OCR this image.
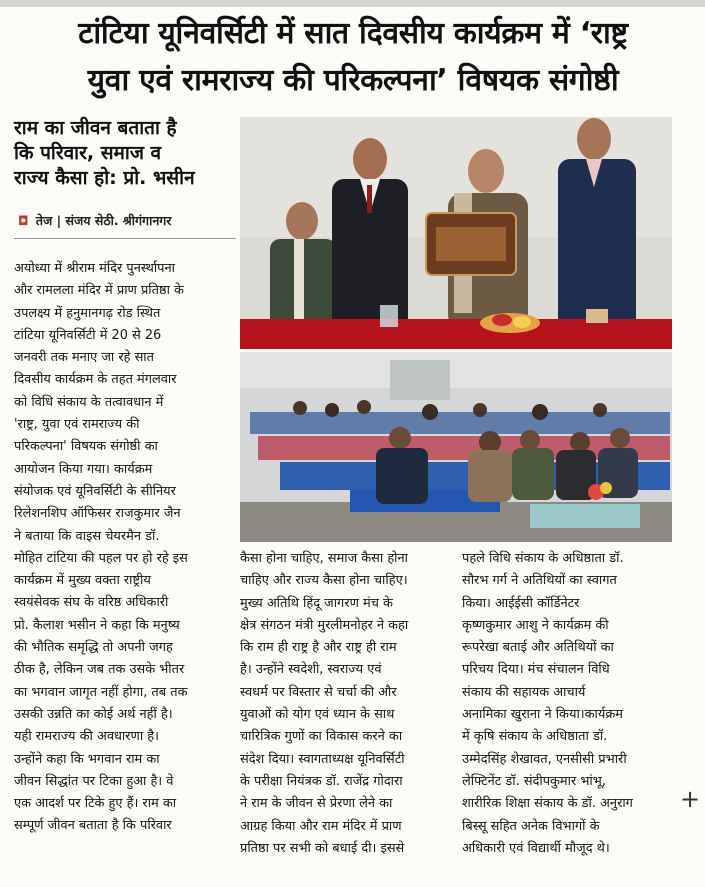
टांटिया यूनिवर्सिटी में सात दिवसीय कार्यक्रम में ‘राष्ट्र
युवा एवं रामराज्य की परिकल्पना’ विषयक संगोष्ठी
राम का जीवन बताता है
कि परिवार, समाज व
राज्य कैसा हो: प्रो. भसीन
◘ तेज | संजय सेठी. श्रीगंगानगर
अयोध्या में श्रीराम मंदिर पुनर्स्थापना
और रामलला मंदिर में प्राण प्रतिष्ठा के
उपलक्ष्य में हनुमानगढ़ रोड स्थित
टांटिया यूनिवर्सिटी में 20 से 26
जनवरी तक मनाए जा रहे सात
दिवसीय कार्यक्रम के तहत मंगलवार
को विधि संकाय के तत्वावधान में
'राष्ट्र, युवा एवं रामराज्य की
परिकल्पना' विषयक संगोष्ठी का
आयोजन किया गया। कार्यक्रम
संयोजक एवं यूनिवर्सिटी के सीनियर
रिलेशनशिप ऑफिसर राजकुमार जैन
ने बताया कि वाइस चेयरमैन डॉ.
मोहित टांटिया की पहल पर हो रहे इस
कार्यक्रम में मुख्य वक्ता राष्ट्रीय
स्वयंसेवक संघ के वरिष्ठ अधिकारी
प्रो. कैलाश भसीन ने कहा कि मनुष्य
की भौतिक समृद्धि तो अपनी जगह
ठीक है, लेकिन जब तक उसके भीतर
का भगवान जागृत नहीं होगा, तब तक
उसकी उन्नति का कोई अर्थ नहीं है।
यही रामराज्य की अवधारणा है।
उन्होंने कहा कि भगवान राम का
जीवन सिद्धांत पर टिका हुआ है। वे
एक आदर्श पर टिके हुए हैं। राम का
सम्पूर्ण जीवन बताता है कि परिवार
कैसा होना चाहिए, समाज कैसा होना
चाहिए और राज्य कैसा होना चाहिए।
मुख्य अतिथि हिंदू जागरण मंच के
क्षेत्र संगठन मंत्री मुरलीमनोहर ने कहा
कि राम ही राष्ट्र है और राष्ट्र ही राम
है। उन्होंने स्वदेशी, स्वराज्य एवं
स्वधर्म पर विस्तार से चर्चा की और
युवाओं को योग एवं ध्यान के साथ
चारित्रिक गुणों का विकास करने का
संदेश दिया। स्वागताध्यक्ष यूनिवर्सिटी
के परीक्षा नियंत्रक डॉ. राजेंद्र गोदारा
ने राम के जीवन से प्रेरणा लेने का
आग्रह किया और राम मंदिर में प्राण
प्रतिष्ठा पर सभी को बधाई दी। इससे
पहले विधि संकाय के अधिष्ठाता डॉ.
सौरभ गर्ग ने अतिथियों का स्वागत
किया। आईईसी कॉर्डिनेटर
कृष्णकुमार आशु ने कार्यक्रम की
रूपरेखा बताई और अतिथियों का
परिचय दिया। मंच संचालन विधि
संकाय की सहायक आचार्य
अनामिका खुराना ने किया।कार्यक्रम
में कृषि संकाय के अधिष्ठाता डॉ.
उम्मेदसिंह शेखावत, एनसीसी प्रभारी
लेफ्टिनेंट डॉ. संदीपकुमार भांभू,
शारीरिक शिक्षा संकाय के डॉ. अनुराग
बिस्सू सहित अनेक विभागों के
अधिकारी एवं विद्यार्थी मौजूद थे।
+
